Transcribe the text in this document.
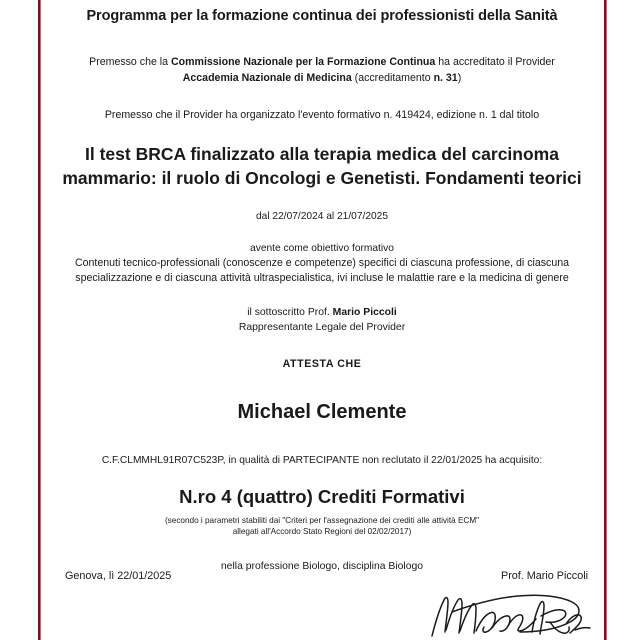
Programma per la formazione continua dei professionisti della Sanità
Premesso che la Commissione Nazionale per la Formazione Continua ha accreditato il Provider
Accademia Nazionale di Medicina (accreditamento n. 31)
Premesso che il Provider ha organizzato l'evento formativo n. 419424, edizione n. 1 dal titolo
Il test BRCA finalizzato alla terapia medica del carcinoma mammario: il ruolo di Oncologi e Genetisti. Fondamenti teorici
dal 22/07/2024 al 21/07/2025
avente come obiettivo formativo
Contenuti tecnico-professionali (conoscenze e competenze) specifici di ciascuna professione, di ciascuna specializzazione e di ciascuna attività ultraspecialistica, ivi incluse le malattie rare e la medicina di genere
il sottoscritto Prof. Mario Piccoli
Rappresentante Legale del Provider
ATTESTA CHE
Michael Clemente
C.F.CLMMHL91R07C523P, in qualità di PARTECIPANTE non reclutato il 22/01/2025 ha acquisito:
N.ro 4 (quattro) Crediti Formativi
(secondo i parametri stabiliti dai "Criteri per l'assegnazione dei crediti alle attività ECM"
allegati all'Accordo Stato Regioni del 02/02/2017)
nella professione Biologo, disciplina Biologo
Genova, lì 22/01/2025	Prof. Mario Piccoli
